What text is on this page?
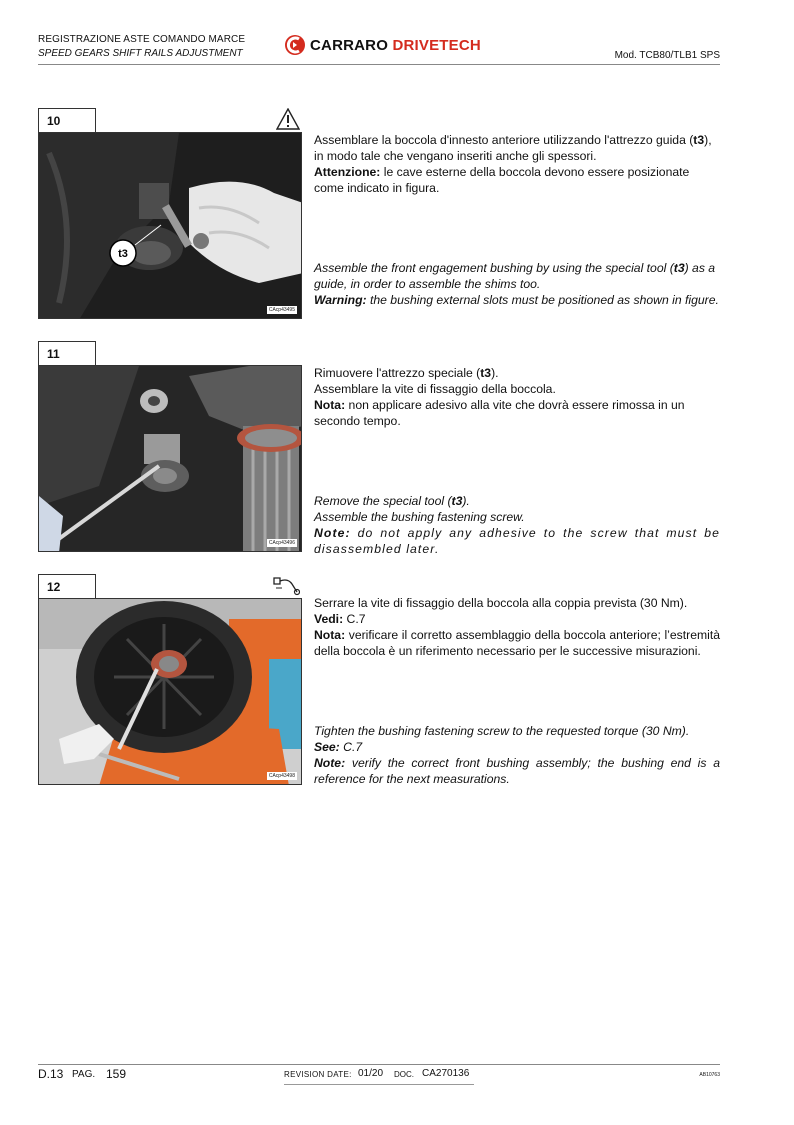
REGISTRAZIONE ASTE COMANDO MARCE
SPEED GEARS SHIFT RAILS ADJUSTMENT	CARRARO DRIVETECH
Mod. TCB80/TLB1 SPS
10
t3
CAcp43495

Assemblare la boccola d'innesto anteriore utilizzando l'attrezzo guida (t3), in modo tale che vengano inseriti anche gli spessori.

Attenzione: le cave esterne della boccola devono essere posizionate come indicato in figura.

Assemble the front engagement bushing by using the special tool (t3) as a guide, in order to assemble the shims too.

Warning: the bushing external slots must be positioned as shown in figure.

11
CAcp43496

Rimuovere l'attrezzo speciale (t3).

Assemblare la vite di fissaggio della boccola.

Nota: non applicare adesivo alla vite che dovrà essere rimossa in un secondo tempo.

Remove the special tool (t3).

Assemble the bushing fastening screw.

Note: do not apply any adhesive to the screw that must be disassembled later.

12
CAcp43498

Serrare la vite di fissaggio della boccola alla coppia prevista (30 Nm).

Vedi: C.7

Nota: verificare il corretto assemblaggio della boccola anteriore; l’estremità della boccola è un riferimento necessario per le successive misurazioni.

Tighten the bushing fastening screw to the requested torque (30 Nm).

See: C.7

Note: verify the correct front bushing assembly; the bushing end is a reference for the next measurations.

D.13 PAG. 159	REVISION DATE: 01/20 DOC. CA270136	AB10763
